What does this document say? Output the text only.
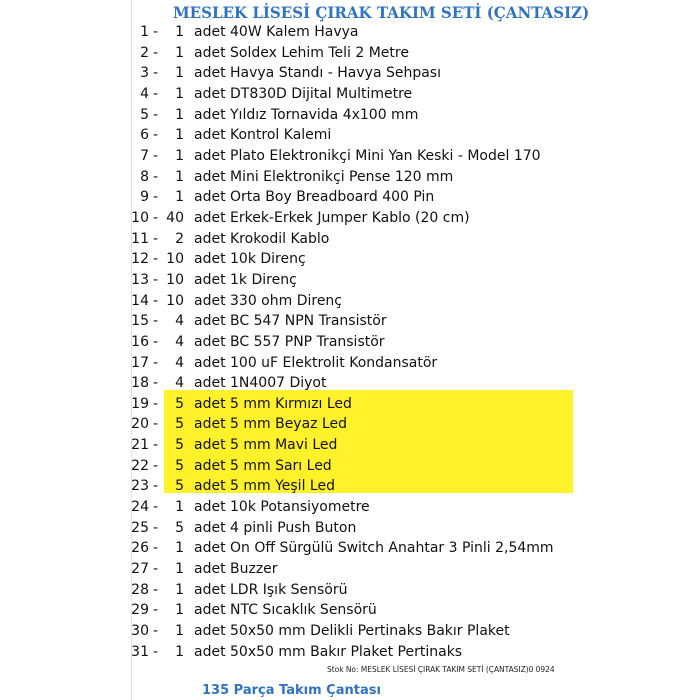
MESLEK LİSESİ ÇIRAK TAKIM SETİ (ÇANTASIZ)
1 -	1 adet 40W Kalem Havya
2 -	1 adet Soldex Lehim Teli 2 Metre
3 -	1 adet Havya Standı - Havya Sehpası
4 -	1 adet DT830D Dijital Multimetre
5 -	1 adet Yıldız Tornavida 4x100 mm
6 -	1 adet Kontrol Kalemi
7 -	1 adet Plato Elektronikçi Mini Yan Keski - Model 170
8 -	1 adet Mini Elektronikçi Pense 120 mm
9 -	1 adet Orta Boy Breadboard 400 Pin
10 - 40 adet Erkek-Erkek Jumper Kablo (20 cm)
11 -	2 adet Krokodil Kablo
12 - 10 adet 10k Direnç
13 - 10 adet 1k Direnç
14 - 10 adet 330 ohm Direnç
15 -	4 adet BC 547 NPN Transistör
16 -	4 adet BC 557 PNP Transistör
17 -	4 adet 100 uF Elektrolit Kondansatör
18 -	4 adet 1N4007 Diyot
19 -	5 adet 5 mm Kırmızı Led
20 -	5 adet 5 mm Beyaz Led
21 -	5 adet 5 mm Mavi Led
22 -	5 adet 5 mm Sarı Led
23 -	5 adet 5 mm Yeşil Led
24 -	1 adet 10k Potansiyometre
25 -	5 adet 4 pinli Push Buton
26 -	1 adet On Off Sürgülü Switch Anahtar 3 Pinli 2,54mm
27 -	1 adet Buzzer
28 -	1 adet LDR Işık Sensörü
29 -	1 adet NTC Sıcaklık Sensörü
30 -	1 adet 50x50 mm Delikli Pertinaks Bakır Plaket
31 -	1 adet 50x50 mm Bakır Plaket Pertinaks
Stok No: MESLEK LİSESİ ÇIRAK TAKIM SETİ (ÇANTASIZ)0 0924
135 Parça Takım Çantası
